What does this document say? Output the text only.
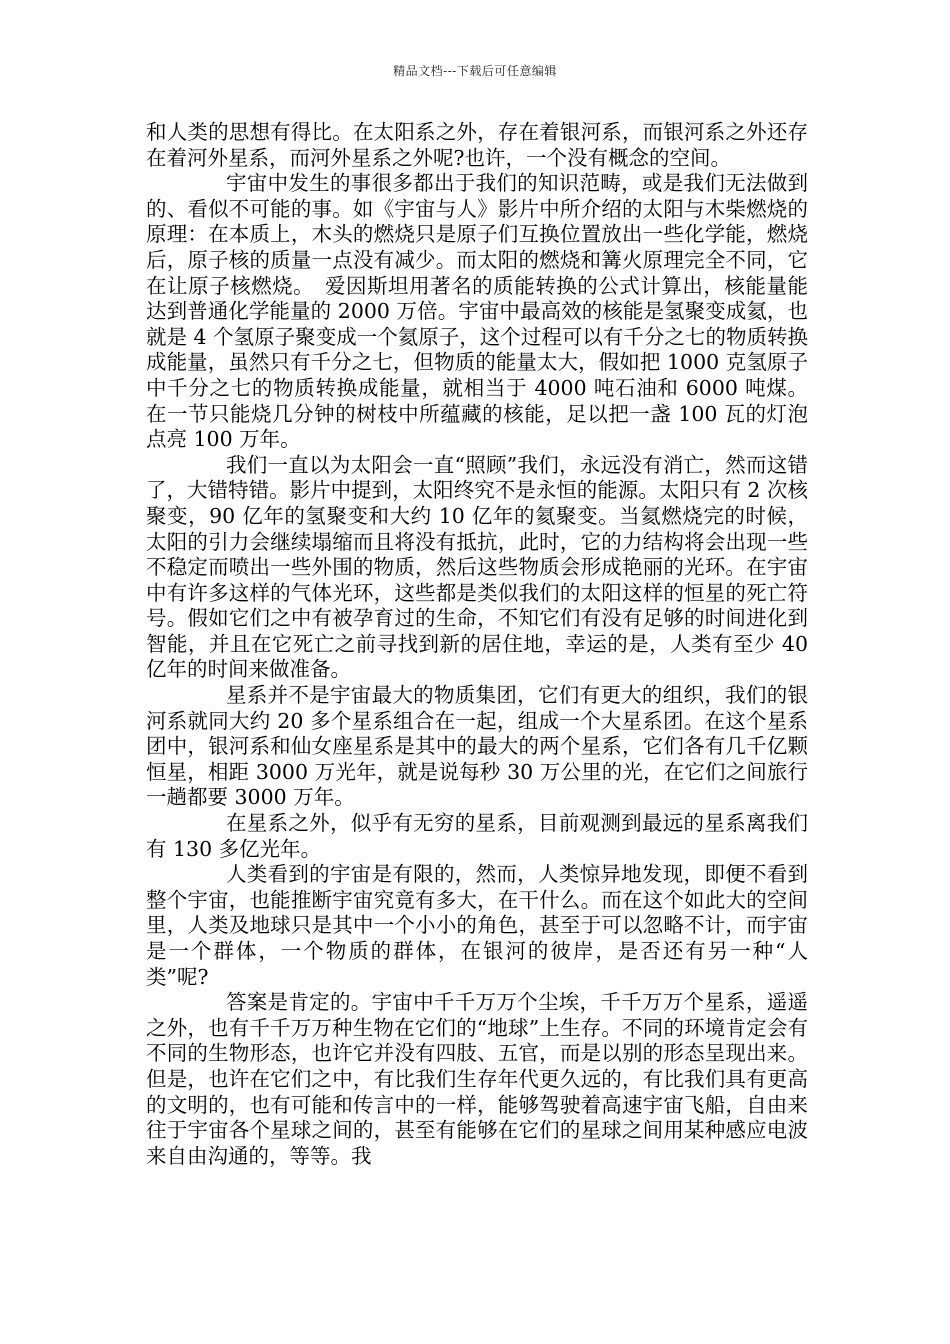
精品文档---下载后可任意编辑

和人类的思想有得比。在太阳系之外，存在着银河系，而银河系之外还存在着河外星系，而河外星系之外呢?也许，一个没有概念的空间。

宇宙中发生的事很多都出于我们的知识范畴，或是我们无法做到的、看似不可能的事。如《宇宙与人》影片中所介绍的太阳与木柴燃烧的原理：在本质上，木头的燃烧只是原子们互换位置放出一些化学能，燃烧后，原子核的质量一点没有减少。而太阳的燃烧和篝火原理完全不同，它在让原子核燃烧。　爱因斯坦用著名的质能转换的公式计算出，核能量能达到普通化学能量的 2000 万倍。宇宙中最高效的核能是氢聚变成氦，也就是 4 个氢原子聚变成一个氦原子，这个过程可以有千分之七的物质转换成能量，虽然只有千分之七，但物质的能量太大，假如把 1000 克氢原子中千分之七的物质转换成能量，就相当于 4000 吨石油和 6000 吨煤。在一节只能烧几分钟的树枝中所蕴藏的核能，足以把一盏 100 瓦的灯泡点亮 100 万年。

我们一直以为太阳会一直“照顾”我们，永远没有消亡，然而这错了，大错特错。影片中提到，太阳终究不是永恒的能源。太阳只有 2 次核聚变，90 亿年的氢聚变和大约 10 亿年的氦聚变。当氦燃烧完的时候，太阳的引力会继续塌缩而且将没有抵抗，此时，它的力结构将会出现一些不稳定而喷出一些外围的物质，然后这些物质会形成艳丽的光环。在宇宙中有许多这样的气体光环，这些都是类似我们的太阳这样的恒星的死亡符号。假如它们之中有被孕育过的生命，不知它们有没有足够的时间进化到智能，并且在它死亡之前寻找到新的居住地，幸运的是，人类有至少 40 亿年的时间来做准备。

星系并不是宇宙最大的物质集团，它们有更大的组织，我们的银河系就同大约 20 多个星系组合在一起，组成一个大星系团。在这个星系团中，银河系和仙女座星系是其中的最大的两个星系，它们各有几千亿颗恒星，相距 3000 万光年，就是说每秒 30 万公里的光，在它们之间旅行一趟都要 3000 万年。

在星系之外，似乎有无穷的星系，目前观测到最远的星系离我们有 130 多亿光年。

人类看到的宇宙是有限的，然而，人类惊异地发现，即便不看到整个宇宙，也能推断宇宙究竟有多大，在干什么。而在这个如此大的空间里，人类及地球只是其中一个小小的角色，甚至于可以忽略不计，而宇宙是一个群体，一个物质的群体，在银河的彼岸，是否还有另一种“人类”呢?

答案是肯定的。宇宙中千千万万个尘埃，千千万万个星系，遥遥之外，也有千千万万种生物在它们的“地球”上生存。不同的环境肯定会有不同的生物形态，也许它并没有四肢、五官，而是以别的形态呈现出来。但是，也许在它们之中，有比我们生存年代更久远的，有比我们具有更高的文明的，也有可能和传言中的一样，能够驾驶着高速宇宙飞船，自由来往于宇宙各个星球之间的，甚至有能够在它们的星球之间用某种感应电波来自由沟通的，等等。我
